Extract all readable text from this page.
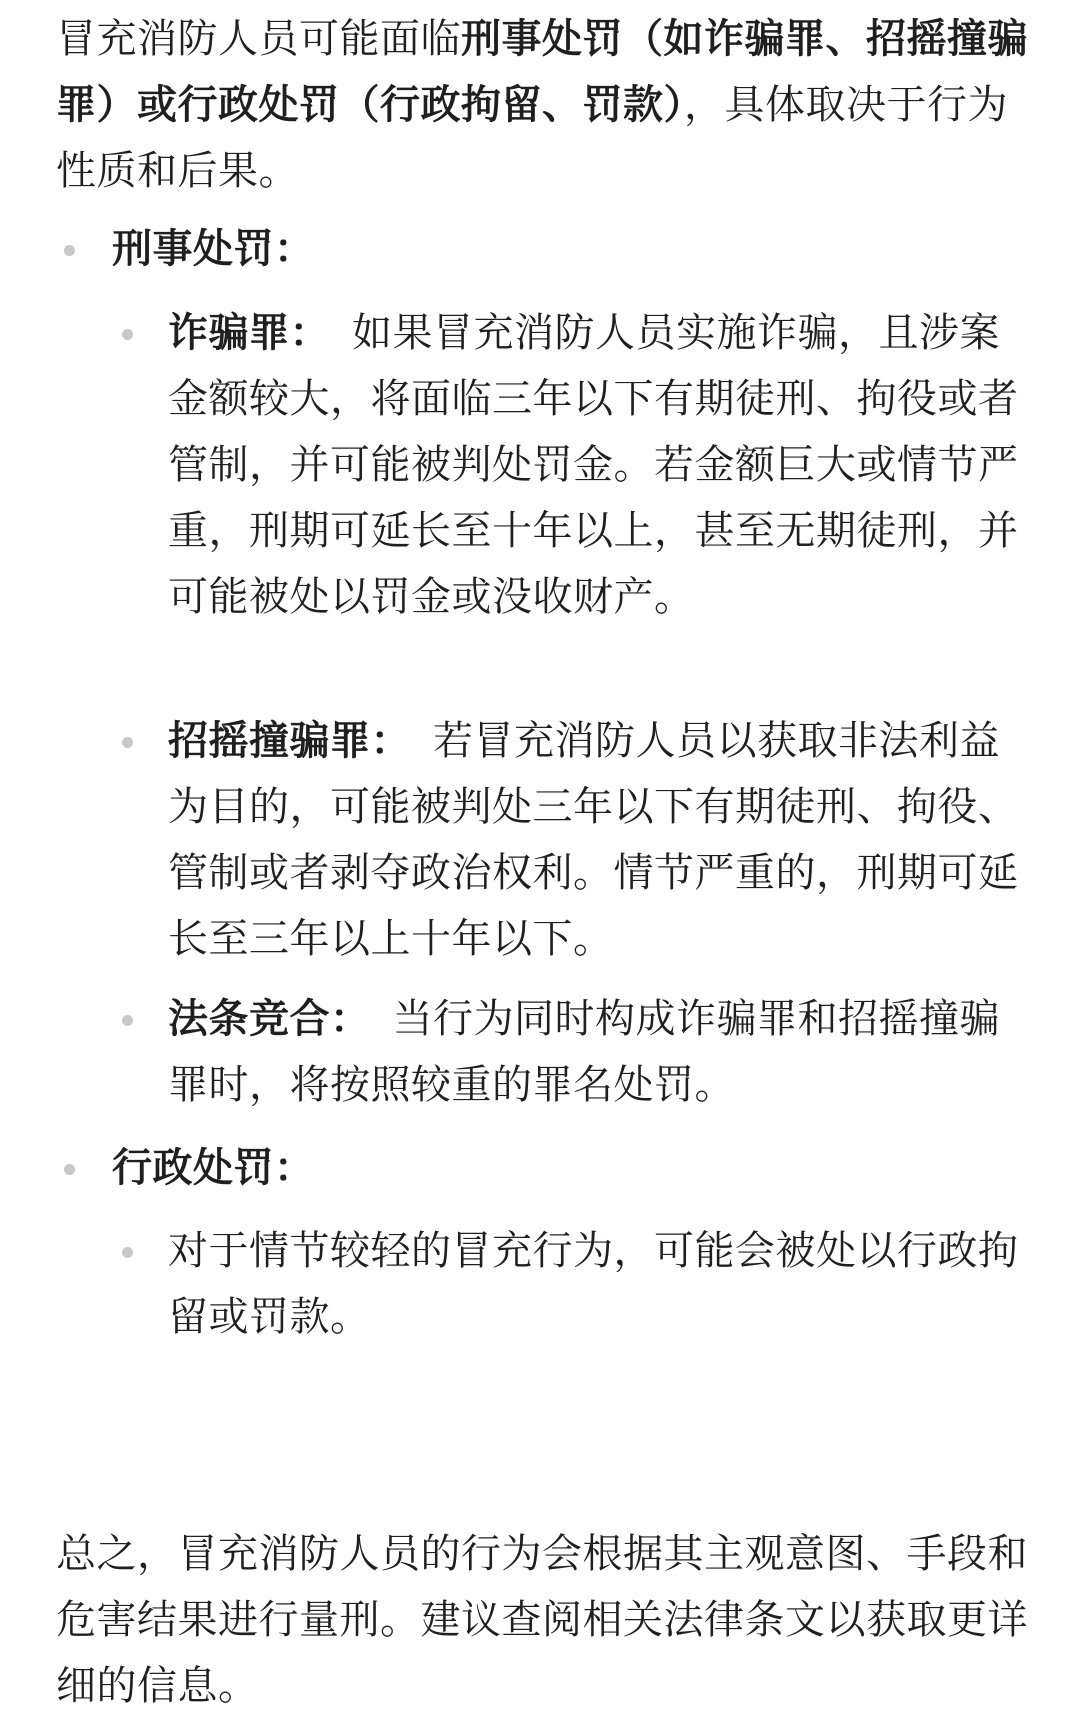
冒充消防人员可能面临刑事处罚（如诈骗罪、招摇撞骗罪）或行政处罚（行政拘留、罚款），具体取决于行为性质和后果。
刑事处罚：
诈骗罪： 如果冒充消防人员实施诈骗，且涉案金额较大，将面临三年以下有期徒刑、拘役或者管制，并可能被判处罚金。若金额巨大或情节严重，刑期可延长至十年以上，甚至无期徒刑，并可能被处以罚金或没收财产。
招摇撞骗罪： 若冒充消防人员以获取非法利益为目的，可能被判处三年以下有期徒刑、拘役、管制或者剥夺政治权利。情节严重的，刑期可延长至三年以上十年以下。
法条竞合： 当行为同时构成诈骗罪和招摇撞骗罪时，将按照较重的罪名处罚。
行政处罚：
对于情节较轻的冒充行为，可能会被处以行政拘留或罚款。
总之，冒充消防人员的行为会根据其主观意图、手段和危害结果进行量刑。建议查阅相关法律条文以获取更详细的信息。
